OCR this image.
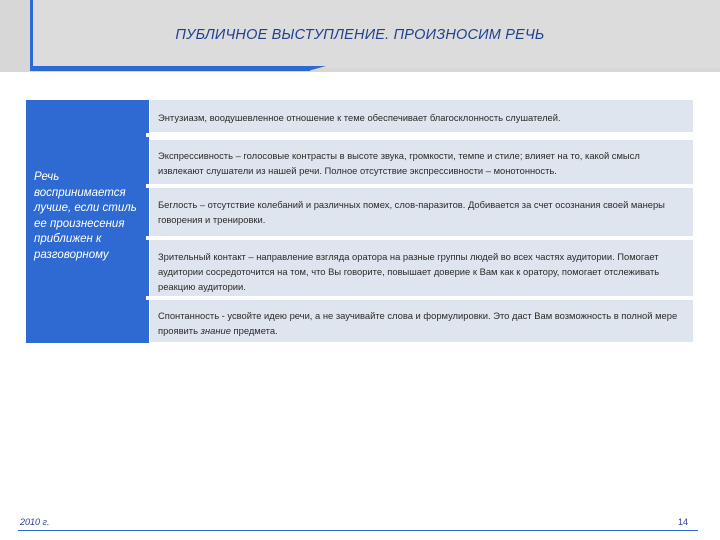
ПУБЛИЧНОЕ ВЫСТУПЛЕНИЕ. ПРОИЗНОСИМ РЕЧЬ
Речь воспринимается лучше, если стиль ее произнесения приближен к разговорному

Энтузиазм, воодушевленное отношение к теме обеспечивает благосклонность слушателей.

Экспрессивность – голосовые контрасты в высоте звука, громкости, темпе и стиле; влияет на то, какой смысл извлекают слушатели из нашей речи. Полное отсутствие экспрессивности – монотонность.

Беглость – отсутствие колебаний и различных помех, слов-паразитов. Добивается за счет осознания своей манеры говорения и тренировки.

Зрительный контакт – направление взгляда оратора на разные группы людей во всех частях аудитории. Помогает аудитории сосредоточится на том, что Вы говорите, повышает доверие к Вам как к оратору, помогает отслеживать реакцию аудитории.

Спонтанность - усвойте идею речи, а не заучивайте слова и формулировки. Это даст Вам возможность в полной мере проявить знание предмета.

2010 г.	14
